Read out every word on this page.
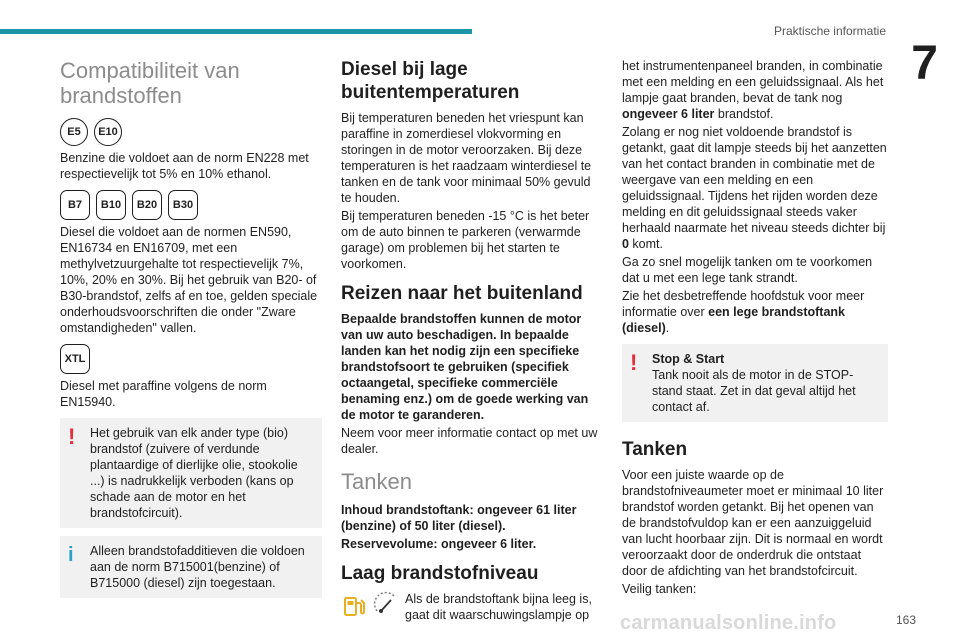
Praktische informatie
7
163
carmanualsonline.info
Compatibiliteit van brandstoffen
E5	E10
Benzine die voldoet aan de norm EN228 met respectievelijk tot 5% en 10% ethanol.
B7	B10	B20	B30
Diesel die voldoet aan de normen EN590, EN16734 en EN16709, met een methylvetzuurgehalte tot respectievelijk 7%, 10%, 20% en 30%. Bij het gebruik van B20- of B30-brandstof, zelfs af en toe, gelden speciale onderhoudsvoorschriften die onder "Zware omstandigheden" vallen.
XTL
Diesel met paraffine volgens de norm EN15940.
!	Het gebruik van elk ander type (bio) brandstof (zuivere of verdunde plantaardige of dierlijke olie, stookolie ...) is nadrukkelijk verboden (kans op schade aan de motor en het brandstofcircuit).
i	Alleen brandstofadditieven die voldoen aan de norm B715001(benzine) of B715000 (diesel) zijn toegestaan.
Diesel bij lage buitentemperaturen
Bij temperaturen beneden het vriespunt kan paraffine in zomerdiesel vlokvorming en storingen in de motor veroorzaken. Bij deze temperaturen is het raadzaam winterdiesel te tanken en de tank voor minimaal 50% gevuld te houden.
Bij temperaturen beneden -15 °C is het beter om de auto binnen te parkeren (verwarmde garage) om problemen bij het starten te voorkomen.
Reizen naar het buitenland
Bepaalde brandstoffen kunnen de motor van uw auto beschadigen. In bepaalde landen kan het nodig zijn een specifieke brandstofsoort te gebruiken (specifiek octaangetal, specifieke commerciële benaming enz.) om de goede werking van de motor te garanderen.
Neem voor meer informatie contact op met uw dealer.
Tanken
Inhoud brandstoftank: ongeveer 61 liter (benzine) of 50 liter (diesel).
Reservevolume: ongeveer 6 liter.
Laag brandstofniveau
Als de brandstoftank bijna leeg is, gaat dit waarschuwingslampje op
het instrumentenpaneel branden, in combinatie met een melding en een geluidssignaal. Als het lampje gaat branden, bevat de tank nog ongeveer 6 liter brandstof.
Zolang er nog niet voldoende brandstof is getankt, gaat dit lampje steeds bij het aanzetten van het contact branden in combinatie met de weergave van een melding en een geluidssignaal. Tijdens het rijden worden deze melding en dit geluidssignaal steeds vaker herhaald naarmate het niveau steeds dichter bij 0 komt.
Ga zo snel mogelijk tanken om te voorkomen dat u met een lege tank strandt.
Zie het desbetreffende hoofdstuk voor meer informatie over een lege brandstoftank (diesel).
!	Stop & Start
Tank nooit als de motor in de STOP-stand staat. Zet in dat geval altijd het contact af.
Tanken
Voor een juiste waarde op de brandstofniveaumeter moet er minimaal 10 liter brandstof worden getankt. Bij het openen van de brandstofvuldop kan er een aanzuiggeluid van lucht hoorbaar zijn. Dit is normaal en wordt veroorzaakt door de onderdruk die ontstaat door de afdichting van het brandstofcircuit.
Veilig tanken:
